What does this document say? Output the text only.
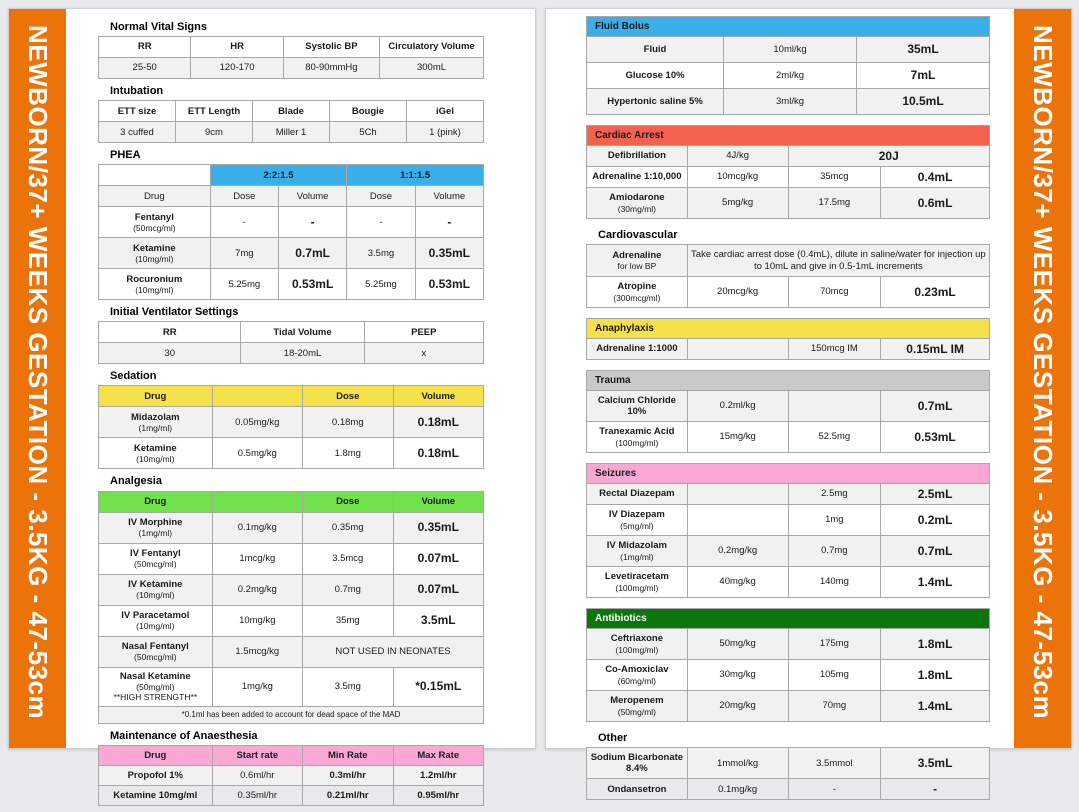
NEWBORN/37+ WEEKS GESTATION - 3.5KG - 47-53cm	Normal Vital Signs
RR	HR	Systolic BP	Circulatory Volume
25-50	120-170	80-90mmHg	300mL
Intubation
ETT size	ETT Length	Blade	Bougie	iGel
3 cuffed	9cm	Miller 1	5Ch	1 (pink)
PHEA
	2:2:1.5		1:1:1.5	
Drug	Dose	Volume	Dose	Volume

Fentanyl
(50mcg/ml)	-	-	-	-

Ketamine
(10mg/ml)	7mg	0.7mL	3.5mg	0.35mL

Rocuronium
(10mg/ml)	5.25mg	0.53mL	5.25mg	0.53mL
Initial Ventilator Settings
RR	Tidal Volume	PEEP
30	18-20mL	x
Sedation
Drug		Dose	Volume

Midazolam
(1mg/ml)	0.05mg/kg	0.18mg	0.18mL

Ketamine
(10mg/ml)	0.5mg/kg	1.8mg	0.18mL
Analgesia
Drug		Dose	Volume

IV Morphine
(1mg/ml)	0.1mg/kg	0.35mg	0.35mL

IV Fentanyl
(50mcg/ml)	1mcg/kg	3.5mcg	0.07mL

IV Ketamine
(10mg/ml)	0.2mg/kg	0.7mg	0.07mL

IV Paracetamol
(10mg/ml)	10mg/kg	35mg	3.5mL

Nasal Fentanyl
(50mcg/ml)	1.5mcg/kg	NOT USED IN NEONATES	

Nasal Ketamine
(50mg/ml)
**HIGH STRENGTH**	1mg/kg	3.5mg	*0.15mL
*0.1ml has been added to account for dead space of the MAD			
Maintenance of Anaesthesia
Drug	Start rate	Min Rate	Max Rate

Propofol 1%	0.6ml/hr	0.3ml/hr	1.2ml/hr

Ketamine 10mg/ml	0.35ml/hr	0.21ml/hr	0.95ml/hr
Fluid Bolus		

Fluid	10ml/kg	35mL

Glucose 10%	2ml/kg	7mL

Hypertonic saline 5%	3ml/kg	10.5mL
Cardiac Arrest			

Defibrillation	4J/kg	20J	

Adrenaline 1:10,000	10mcg/kg	35mcg	0.4mL

Amiodarone
(30mg/ml)	5mg/kg	17.5mg	0.6mL
Cardiovascular
Adrenaline
for low BP	Take cardiac arrest dose (0.4mL), dilute in saline/water for injection up to 10mL and give in 0.5-1mL increments		

Atropine
(300mcg/ml)	20mcg/kg	70mcg	0.23mL
Anaphylaxis

Adrenaline 1:1000		150mcg IM	0.15mL IM
Trauma			

Calcium Chloride
10%	0.2ml/kg		0.7mL

Tranexamic Acid
(100mg/ml)	15mg/kg	52.5mg	0.53mL
Seizures			

Rectal Diazepam		2.5mg	2.5mL

IV Diazepam
(5mg/ml)		1mg	0.2mL

IV Midazolam
(1mg/ml)	0.2mg/kg	0.7mg	0.7mL

Levetiracetam
(100mg/ml)	40mg/kg	140mg	1.4mL
Antibiotics			

Ceftriaxone
(100mg/ml)	50mg/kg	175mg	1.8mL

Co-Amoxiclav
(60mg/ml)	30mg/kg	105mg	1.8mL

Meropenem
(50mg/ml)	20mg/kg	70mg	1.4mL
Other
Sodium Bicarbonate
8.4%	1mmol/kg	3.5mmol	3.5mL

Ondansetron	0.1mg/kg	-	-
NEWBORN/37+ WEEKS GESTATION - 3.5KG - 47-53cm
